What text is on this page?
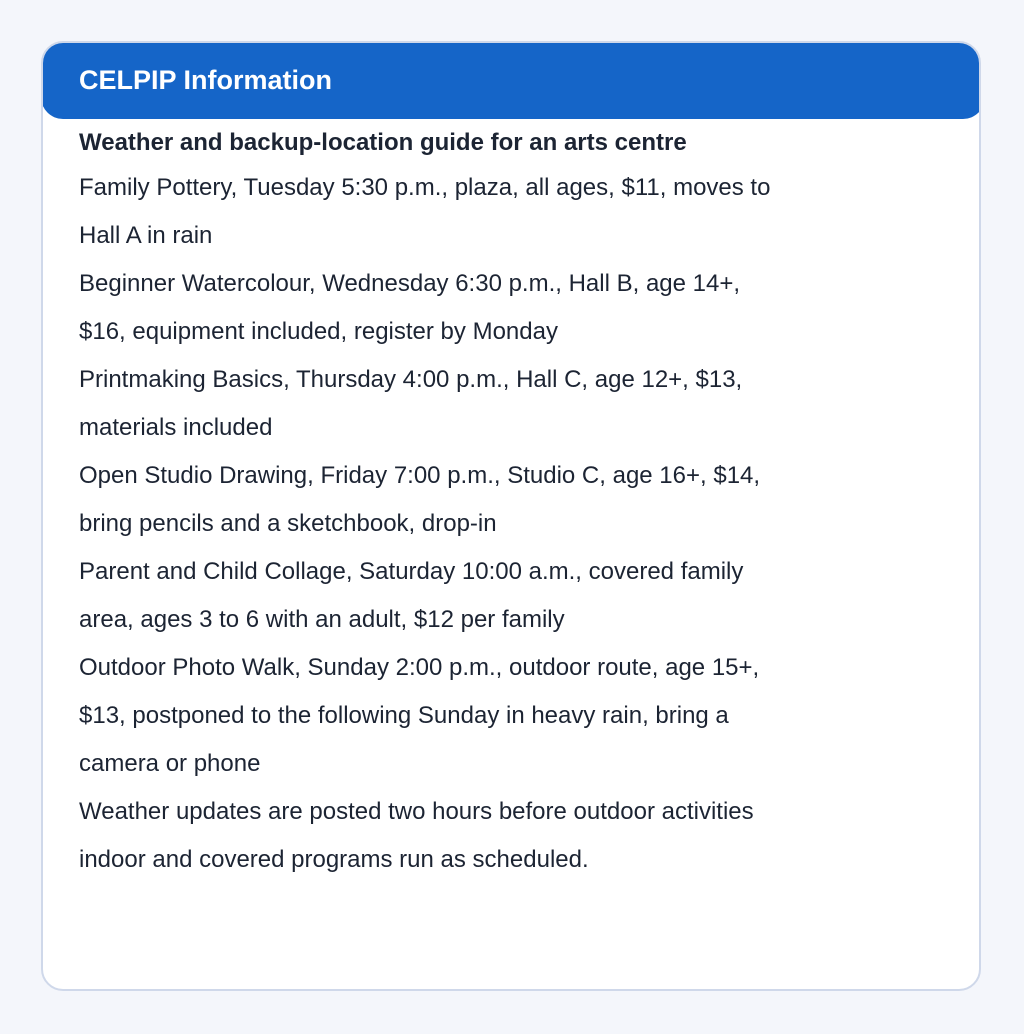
CELPIP Information

Weather and backup-location guide for an arts centre

Family Pottery, Tuesday 5:30 p.m., plaza, all ages, $11, moves to Hall A in rain

Beginner Watercolour, Wednesday 6:30 p.m., Hall B, age 14+, $16, equipment included, register by Monday

Printmaking Basics, Thursday 4:00 p.m., Hall C, age 12+, $13, materials included

Open Studio Drawing, Friday 7:00 p.m., Studio C, age 16+, $14, bring pencils and a sketchbook, drop-in

Parent and Child Collage, Saturday 10:00 a.m., covered family area, ages 3 to 6 with an adult, $12 per family

Outdoor Photo Walk, Sunday 2:00 p.m., outdoor route, age 15+, $13, postponed to the following Sunday in heavy rain, bring a camera or phone

Weather updates are posted two hours before outdoor activities

indoor and covered programs run as scheduled.
